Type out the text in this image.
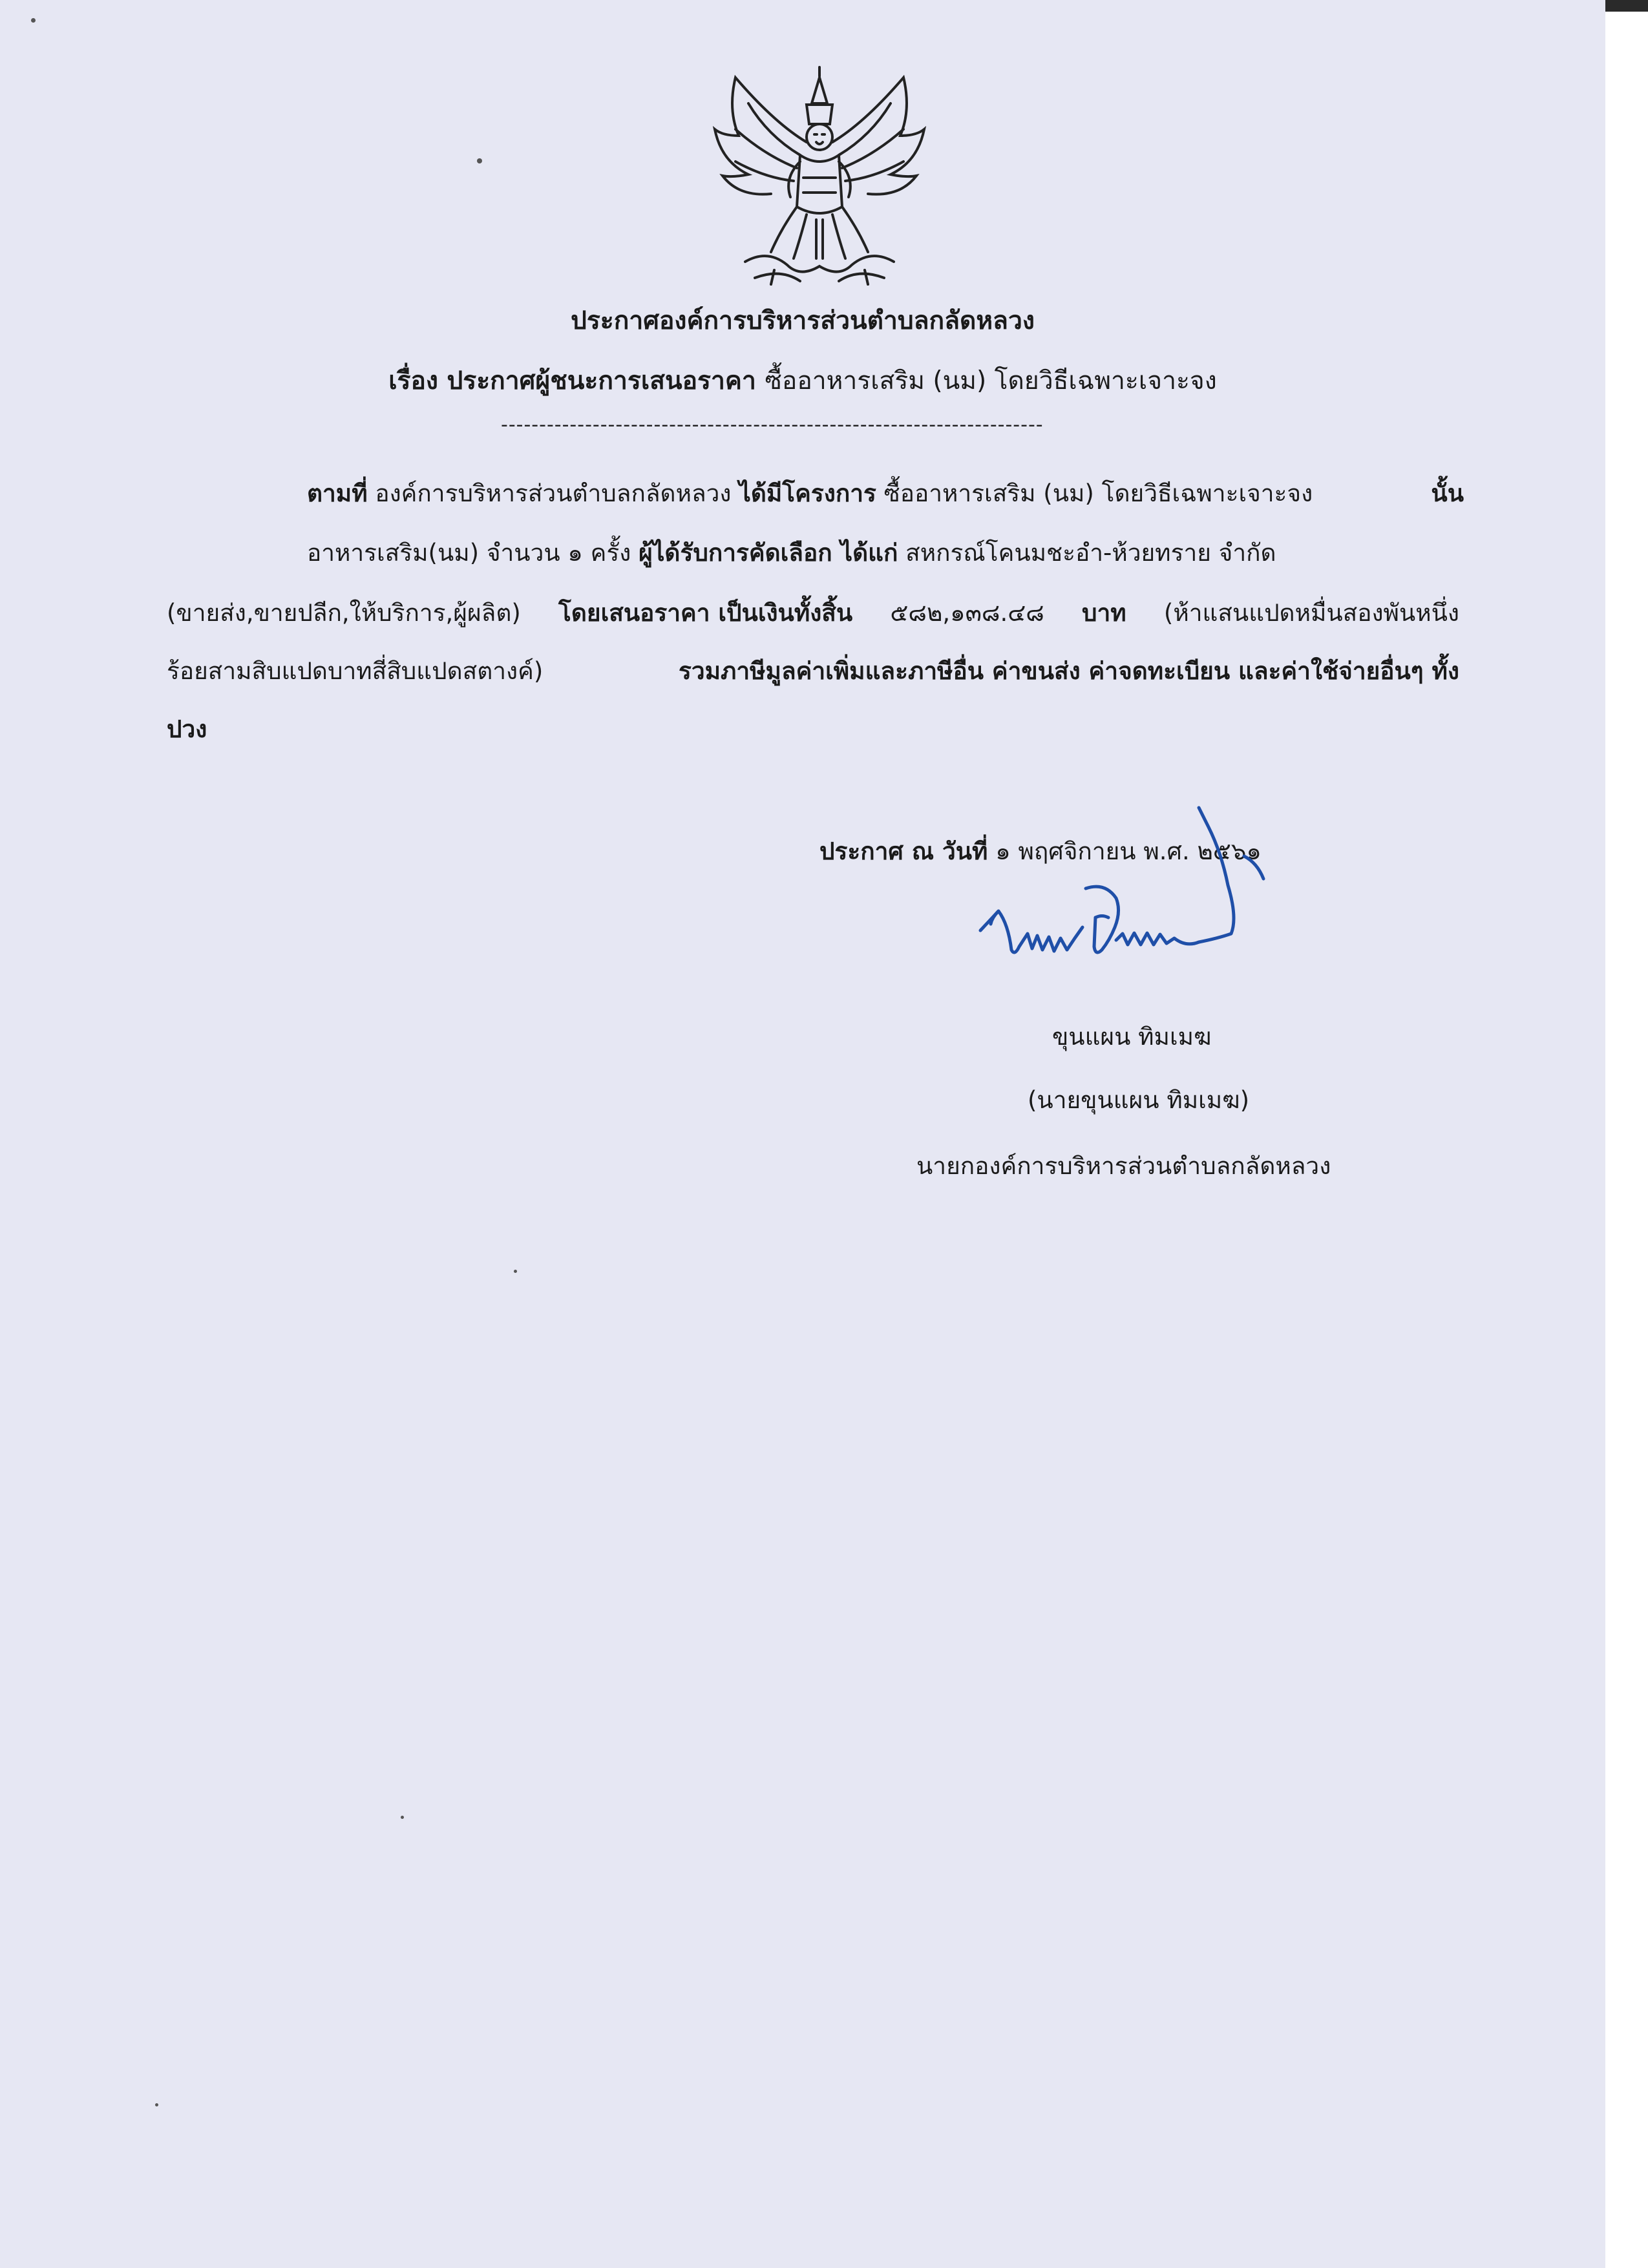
ประกาศองค์การบริหารส่วนตำบลกลัดหลวง
เรื่อง ประกาศผู้ชนะการเสนอราคา ซื้ออาหารเสริม (นม) โดยวิธีเฉพาะเจาะจง
-----------------------------------------------------------------------
ตามที่ องค์การบริหารส่วนตำบลกลัดหลวง ได้มีโครงการ ซื้ออาหารเสริม (นม) โดยวิธีเฉพาะเจาะจง	นั้น
อาหารเสริม(นม) จำนวน ๑ ครั้ง ผู้ได้รับการคัดเลือก ได้แก่ สหกรณ์โคนมชะอำ-ห้วยทราย จำกัด
(ขายส่ง,ขายปลีก,ให้บริการ,ผู้ผลิต) โดยเสนอราคา เป็นเงินทั้งสิ้น ๕๘๒,๑๓๘.๔๘ บาท (ห้าแสนแปดหมื่นสองพันหนึ่ง
ร้อยสามสิบแปดบาทสี่สิบแปดสตางค์)	รวมภาษีมูลค่าเพิ่มและภาษีอื่น ค่าขนส่ง ค่าจดทะเบียน และค่าใช้จ่ายอื่นๆ ทั้ง
ปวง
ประกาศ ณ วันที่ ๑ พฤศจิกายน พ.ศ. ๒๕๖๑
ขุนแผน ทิมเมฆ
(นายขุนแผน ทิมเมฆ)
นายกองค์การบริหารส่วนตำบลกลัดหลวง
